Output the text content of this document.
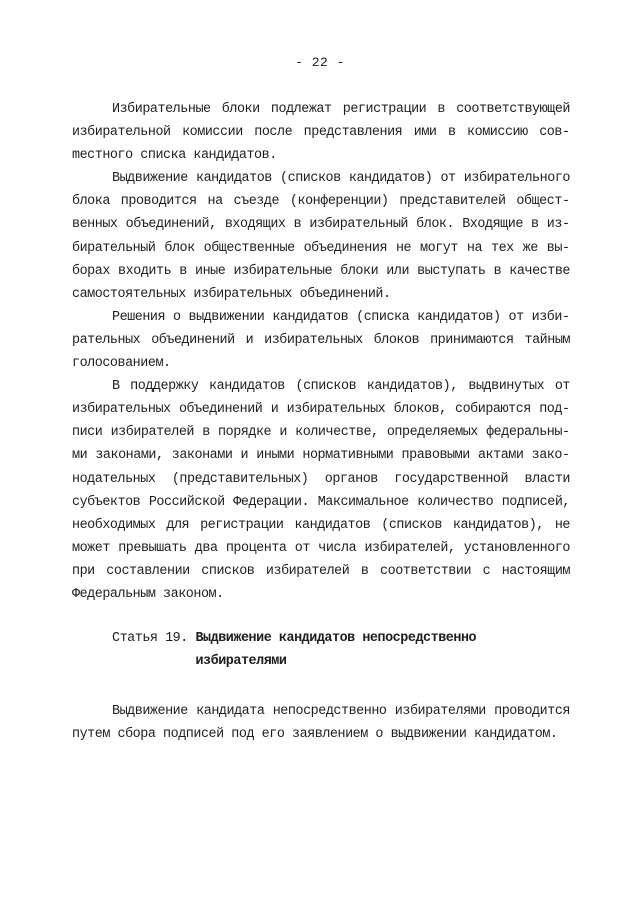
- 22 -

Избирательные блоки подлежат регистрации в соответствующей избирательной комиссии после представления ими в комиссию совmестного списка кандидатов.

Выдвижение кандидатов (списков кандидатов) от избирательного блока проводится на съезде (конференции) представителей общественных объединений, входящих в избирательный блок. Входящие в избирательный блок общественные объединения не могут на тех же выборах входить в иные избирательные блоки или выступать в качестве самостоятельных избирательных объединений.

Решения о выдвижении кандидатов (списка кандидатов) от избирательных объединений и избирательных блоков принимаются тайным голосованием.

В поддержку кандидатов (списков кандидатов), выдвинутых от избирательных объединений и избирательных блоков, собираются подписи избирателей в порядке и количестве, определяемых федеральными законами, законами и иными нормативными правовыми актами законодательных (представительных) органов государственной власти субъектов Российской Федерации. Максимальное количество подписей, необходимых для регистрации кандидатов (списков кандидатов), не может превышать два процента от числа избирателей, установленного при составлении списков избирателей в соответствии с настоящим Федеральным законом.

Статья 19.
Выдвижение кандидатов непосредственно избирателями

Выдвижение кандидата непосредственно избирателями проводится путем сбора подписей под его заявлением о выдвижении кандидатом.
